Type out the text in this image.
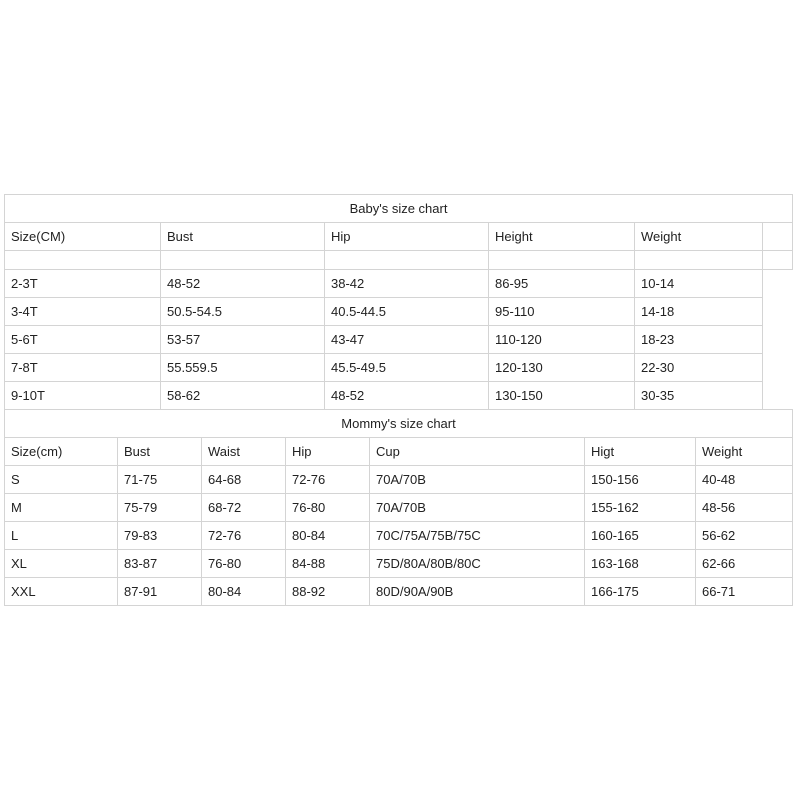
Baby's size chart					
Size(CM)	Bust	Hip	Height	Weight	

2-3T	48-52	38-42	86-95	10-14	
3-4T	50.5-54.5	40.5-44.5	95-110	14-18	
5-6T	53-57	43-47	110-120	18-23	
7-8T	55.559.5	45.5-49.5	120-130	22-30	
9-10T	58-62	48-52	130-150	30-35	
Mommy's size chart						
Size(cm)	Bust	Waist	Hip	Cup	Higt	Weight
S	71-75	64-68	72-76	70A/70B	150-156	40-48
M	75-79	68-72	76-80	70A/70B	155-162	48-56
L	79-83	72-76	80-84	70C/75A/75B/75C	160-165	56-62
XL	83-87	76-80	84-88	75D/80A/80B/80C	163-168	62-66
XXL	87-91	80-84	88-92	80D/90A/90B	166-175	66-71
